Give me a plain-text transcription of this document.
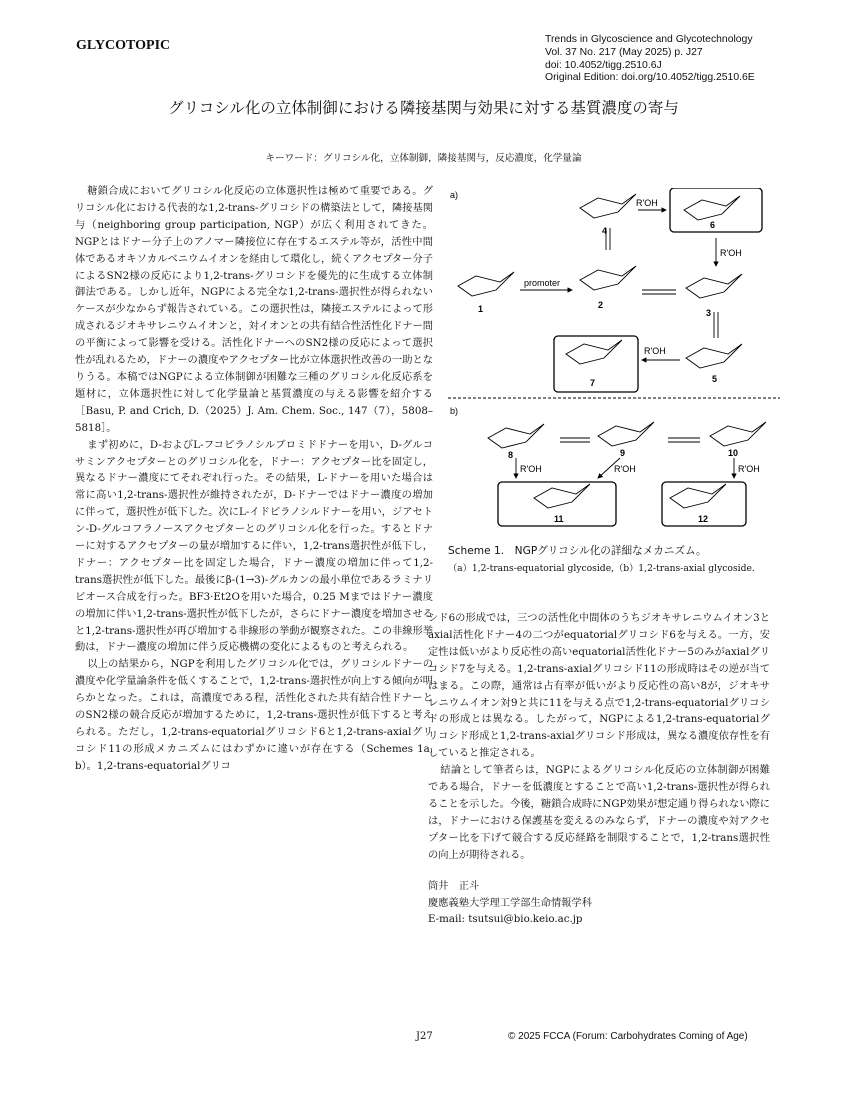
GLYCOTOPIC	Trends in Glycoscience and Glycotechnology
Vol. 37 No. 217 (May 2025) p. J27
doi: 10.4052/tigg.2510.6J
Original Edition: doi.org/10.4052/tigg.2510.6E
グリコシル化の立体制御における隣接基関与効果に対する基質濃度の寄与
キーワード：グリコシル化，立体制御，隣接基関与，反応濃度，化学量論

糖鎖合成においてグリコシル化反応の立体選択性は極めて重要である。グリコシル化における代表的な1,2-trans-グリコシドの構築法として，隣接基関与（neighboring group participation, NGP）が広く利用されてきた。NGPとはドナー分子上のアノマー隣接位に存在するエステル等が，活性中間体であるオキソカルベニウムイオンを経由して環化し，続くアクセプター分子によるSN2様の反応により1,2-trans-グリコシドを優先的に生成する立体制御法である。しかし近年，NGPによる完全な1,2-trans-選択性が得られないケースが少なからず報告されている。この選択性は，隣接エステルによって形成されるジオキサレニウムイオンと，対イオンとの共有結合性活性化ドナー間の平衡によって影響を受ける。活性化ドナーへのSN2様の反応によって選択性が乱れるため，ドナーの濃度やアクセプター比が立体選択性改善の一助となりうる。本稿ではNGPによる立体制御が困難な三種のグリコシル化反応系を題材に，立体選択性に対して化学量論と基質濃度の与える影響を紹介する［Basu, P. and Crich, D.（2025）J. Am. Chem. Soc., 147（7），5808–5818］。

まず初めに，D-およびL-フコピラノシルブロミドドナーを用い，D-グルコサミンアクセプターとのグリコシル化を，ドナー：アクセプター比を固定し，異なるドナー濃度にてそれぞれ行った。その結果，L-ドナーを用いた場合は常に高い1,2-trans-選択性が維持されたが，D-ドナーではドナー濃度の増加に伴って，選択性が低下した。次にL-イドピラノシルドナーを用い，ジアセトン-D-グルコフラノースアクセプターとのグリコシル化を行った。するとドナーに対するアクセプターの量が増加するに伴い，1,2-trans選択性が低下し，ドナー：アクセプター比を固定した場合，ドナー濃度の増加に伴って1,2-trans選択性が低下した。最後にβ-(1→3)-グルカンの最小単位であるラミナリビオース合成を行った。BF3·Et2Oを用いた場合，0.25 Mまではドナー濃度の増加に伴い1,2-trans-選択性が低下したが，さらにドナー濃度を増加させると1,2-trans-選択性が再び増加する非線形の挙動が観察された。この非線形挙動は，ドナー濃度の増加に伴う反応機構の変化によるものと考えられる。

以上の結果から，NGPを利用したグリコシル化では，グリコシルドナーの濃度や化学量論条件を低くすることで，1,2-trans-選択性が向上する傾向が明らかとなった。これは，高濃度である程，活性化された共有結合性ドナーとのSN2様の競合反応が増加するために，1,2-trans-選択性が低下すると考えられる。ただし，1,2-trans-equatorialグリコシド6と1,2-trans-axialグリコシド11の形成メカニズムにはわずかに違いが存在する（Schemes 1a, b）。1,2-trans-equatorialグリコ

a)
b)
promoter
R'OH
R'OH
R'OH
R'OH	R'OH	R'OH
1	2
3
4
5
6
7
8	9	10
11	12
Scheme 1.　NGPグリコシル化の詳細なメカニズム。
（a）1,2-trans-equatorial glycoside,（b）1,2-trans-axial glycoside.

シド6の形成では，三つの活性化中間体のうちジオキサレニウムイオン3とaxial活性化ドナー4の二つがequatorialグリコシド6を与える。一方，安定性は低いがより反応性の高いequatorial活性化ドナー5のみがaxialグリコシド7を与える。1,2-trans-axialグリコシド11の形成時はその逆が当てはまる。この際，通常は占有率が低いがより反応性の高い8が，ジオキサレニウムイオン対9と共に11を与える点で1,2-trans-equatorialグリコシドの形成とは異なる。したがって，NGPによる1,2-trans-equatorialグリコシド形成と1,2-trans-axialグリコシド形成は，異なる濃度依存性を有していると推定される。

結論として筆者らは，NGPによるグリコシル化反応の立体制御が困難である場合，ドナーを低濃度とすることで高い1,2-trans-選択性が得られることを示した。今後，糖鎖合成時にNGP効果が想定通り得られない際には，ドナーにおける保護基を変えるのみならず，ドナーの濃度や対アクセプター比を下げて競合する反応経路を制限することで，1,2-trans選択性の向上が期待される。

筒井　正斗
慶應義塾大学理工学部生命情報学科
E-mail: tsutsui@bio.keio.ac.jp
J27	© 2025 FCCA (Forum: Carbohydrates Coming of Age)
